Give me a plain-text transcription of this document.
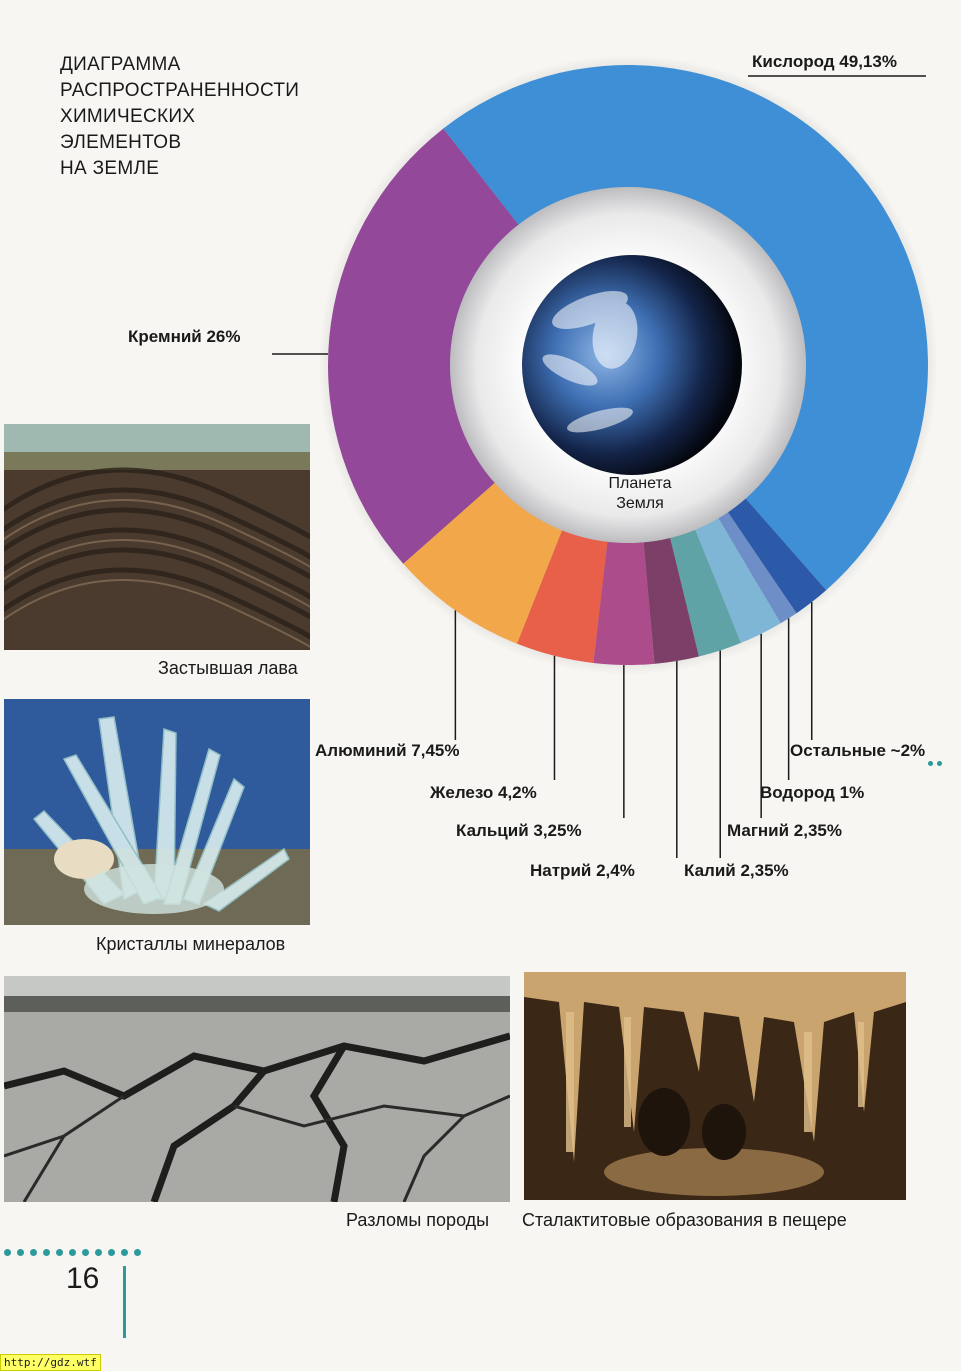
ДИАГРАММА
РАСПРОСТРАНЕННОСТИ
ХИМИЧЕСКИХ
ЭЛЕМЕНТОВ
НА ЗЕМЛЕ
Кислород 49,13%
Кремний 26%
Алюминий 7,45%
Железо 4,2%
Кальций 3,25%
Натрий 2,4%	Калий 2,35%
Магний 2,35%
Водород 1%
Остальные ~2%
Планета
Земля
Застывшая лава
Кристаллы минералов
Разломы породы Сталактитовые образования в пещере
16
http://gdz.wtf
